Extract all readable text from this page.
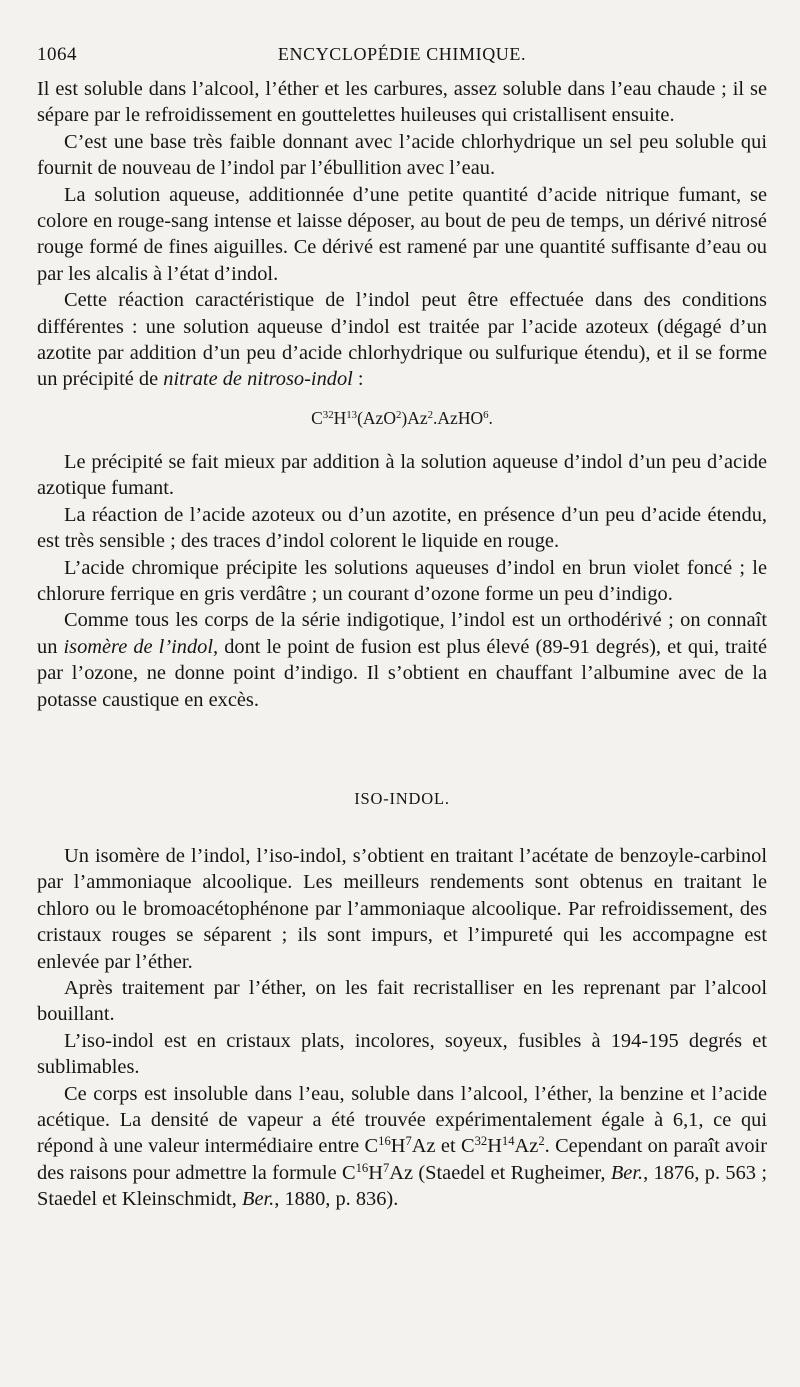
1064	ENCYCLOPÉDIE CHIMIQUE.

Il est soluble dans l’alcool, l’éther et les carbures, assez soluble dans l’eau chaude ; il se sépare par le refroidissement en gouttelettes huileuses qui cristallisent ensuite.

C’est une base très faible donnant avec l’acide chlorhydrique un sel peu soluble qui fournit de nouveau de l’indol par l’ébullition avec l’eau.

La solution aqueuse, additionnée d’une petite quantité d’acide nitrique fumant, se colore en rouge-sang intense et laisse déposer, au bout de peu de temps, un dérivé nitrosé rouge formé de fines aiguilles. Ce dérivé est ramené par une quantité suffisante d’eau ou par les alcalis à l’état d’indol.

Cette réaction caractéristique de l’indol peut être effectuée dans des conditions différentes : une solution aqueuse d’indol est traitée par l’acide azoteux (dégagé d’un azotite par addition d’un peu d’acide chlorhydrique ou sulfurique étendu), et il se forme un précipité de nitrate de nitroso-indol :

$C^{32}H^{13}(AzO^2)Az^2.AzHO^6$.

Le précipité se fait mieux par addition à la solution aqueuse d’indol d’un peu d’acide azotique fumant.

La réaction de l’acide azoteux ou d’un azotite, en présence d’un peu d’acide étendu, est très sensible ; des traces d’indol colorent le liquide en rouge.

L’acide chromique précipite les solutions aqueuses d’indol en brun violet foncé ; le chlorure ferrique en gris verdâtre ; un courant d’ozone forme un peu d’indigo.

Comme tous les corps de la série indigotique, l’indol est un orthodérivé ; on connaît un isomère de l’indol, dont le point de fusion est plus élevé (89-91 degrés), et qui, traité par l’ozone, ne donne point d’indigo. Il s’obtient en chauffant l’albumine avec de la potasse caustique en excès.

ISO-INDOL.

Un isomère de l’indol, l’iso-indol, s’obtient en traitant l’acétate de benzoyle-carbinol par l’ammoniaque alcoolique. Les meilleurs rendements sont obtenus en traitant le chloro ou le bromoacétophénone par l’ammoniaque alcoolique. Par refroidissement, des cristaux rouges se séparent ; ils sont impurs, et l’impureté qui les accompagne est enlevée par l’éther.

Après traitement par l’éther, on les fait recristalliser en les reprenant par l’alcool bouillant.

L’iso-indol est en cristaux plats, incolores, soyeux, fusibles à 194-195 degrés et sublimables.

Ce corps est insoluble dans l’eau, soluble dans l’alcool, l’éther, la benzine et l’acide acétique. La densité de vapeur a été trouvée expérimentalement égale à 6,1, ce qui répond à une valeur intermédiaire entre $C^{16}H^7Az$ et $C^{32}H^{14}Az^2$. Cependant on paraît avoir des raisons pour admettre la formule $C^{16}H^7Az$ (Staedel et Rugheimer, Ber., 1876, p. 563 ; Staedel et Kleinschmidt, Ber., 1880, p. 836).
